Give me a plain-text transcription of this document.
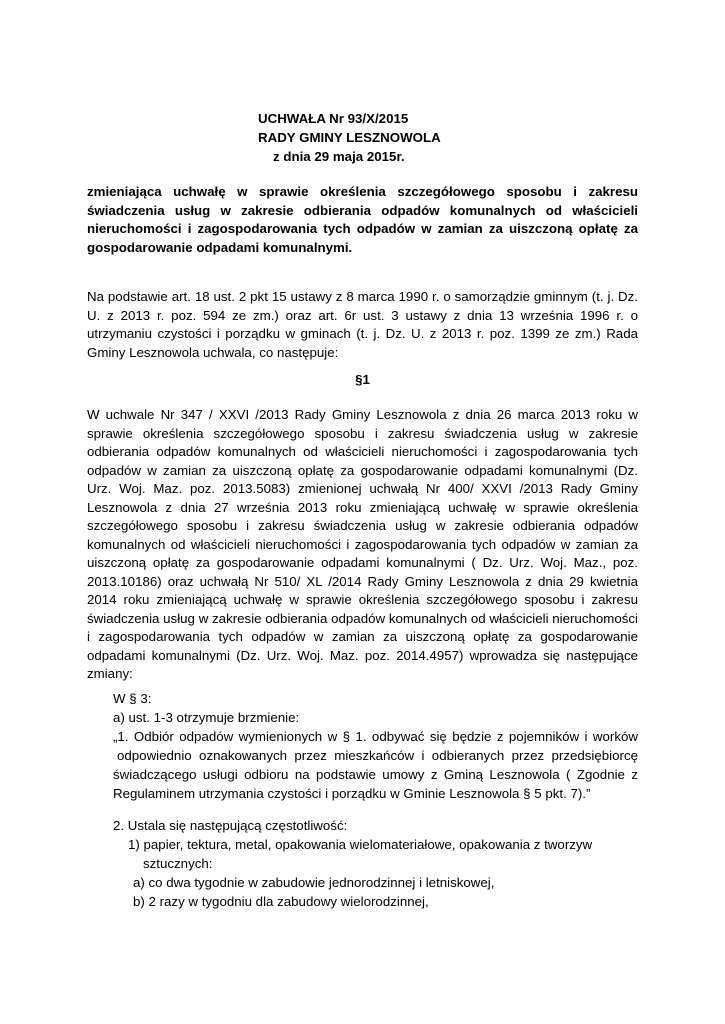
UCHWAŁA Nr 93/X/2015
RADY GMINY LESZNOWOLA
z dnia 29 maja 2015r.
zmieniająca uchwałę w sprawie określenia szczegółowego sposobu i zakresu świadczenia usług w zakresie odbierania odpadów komunalnych od właścicieli nieruchomości i zagospodarowania tych odpadów w zamian za uiszczoną opłatę za gospodarowanie odpadami komunalnymi.
Na podstawie art. 18 ust. 2 pkt 15 ustawy z 8 marca 1990 r. o samorządzie gminnym (t. j. Dz. U. z 2013 r. poz. 594 ze zm.) oraz art. 6r ust. 3 ustawy z dnia 13 września 1996 r. o utrzymaniu czystości i porządku w gminach (t. j. Dz. U. z 2013 r. poz. 1399 ze zm.) Rada Gminy Lesznowola uchwala, co następuje:
§1
W uchwale Nr 347 / XXVI /2013 Rady Gminy Lesznowola z dnia 26 marca 2013 roku w sprawie określenia szczegółowego sposobu i zakresu świadczenia usług w zakresie odbierania odpadów komunalnych od właścicieli nieruchomości i zagospodarowania tych odpadów w zamian za uiszczoną opłatę za gospodarowanie odpadami komunalnymi (Dz. Urz. Woj. Maz. poz. 2013.5083) zmienionej uchwałą Nr 400/ XXVI /2013 Rady Gminy Lesznowola z dnia 27 września 2013 roku zmieniającą uchwałę w sprawie określenia szczegółowego sposobu i zakresu świadczenia usług w zakresie odbierania odpadów komunalnych od właścicieli nieruchomości i zagospodarowania tych odpadów w zamian za uiszczoną opłatę za gospodarowanie odpadami komunalnymi ( Dz. Urz. Woj. Maz., poz. 2013.10186) oraz uchwałą Nr 510/ XL /2014 Rady Gminy Lesznowola z dnia 29 kwietnia 2014 roku zmieniającą uchwałę w sprawie określenia szczegółowego sposobu i zakresu świadczenia usług w zakresie odbierania odpadów komunalnych od właścicieli nieruchomości i zagospodarowania tych odpadów w zamian za uiszczoną opłatę za gospodarowanie odpadami komunalnymi (Dz. Urz. Woj. Maz. poz. 2014.4957) wprowadza się następujące zmiany:
W § 3:
a) ust. 1-3 otrzymuje brzmienie:
„1. Odbiór odpadów wymienionych w § 1. odbywać się będzie z pojemników i worków
odpowiednio oznakowanych przez mieszkańców i odbieranych przez przedsiębiorcę
świadczącego usługi odbioru na podstawie umowy z Gminą Lesznowola ( Zgodnie z
Regulaminem utrzymania czystości i porządku w Gminie Lesznowola § 5 pkt. 7).”
2. Ustala się następującą częstotliwość:
1) papier, tektura, metal, opakowania wielomateriałowe, opakowania z tworzyw
sztucznych:
a) co dwa tygodnie w zabudowie jednorodzinnej i letniskowej,
b) 2 razy w tygodniu dla zabudowy wielorodzinnej,
